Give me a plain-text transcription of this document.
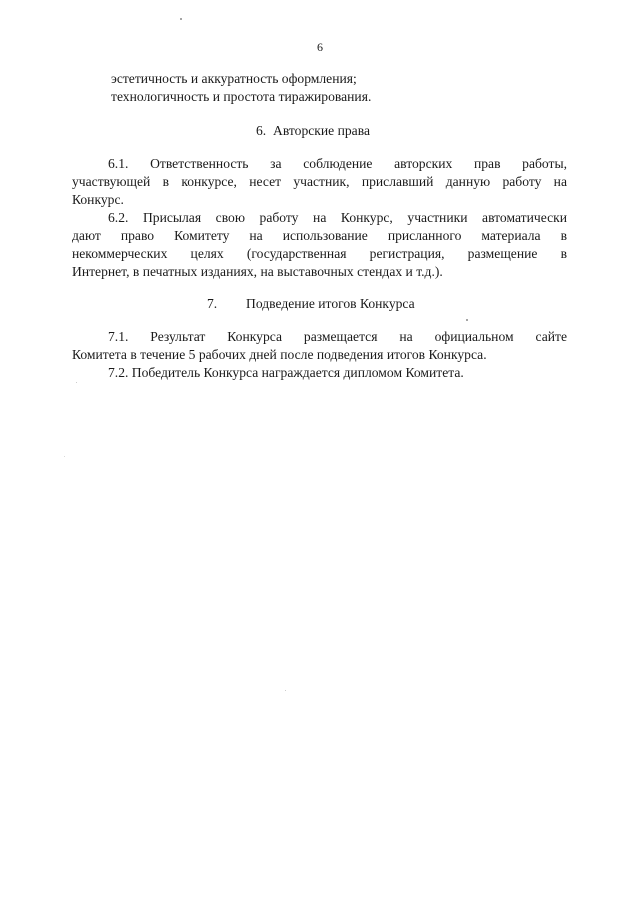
6
эстетичность и аккуратность оформления;
технологичность и простота тиражирования.
6. Авторские права
6.1. Ответственность за соблюдение авторских прав работы,
участвующей в конкурсе, несет участник, приславший данную работу на
Конкурс.
6.2. Присылая свою работу на Конкурс, участники автоматически
дают право Комитету на использование присланного материала в
некоммерческих целях (государственная регистрация, размещение в
Интернет, в печатных изданиях, на выставочных стендах и т.д.).
7. Подведение итогов Конкурса
7.1. Результат Конкурса размещается на официальном сайте
Комитета в течение 5 рабочих дней после подведения итогов Конкурса.
7.2. Победитель Конкурса награждается дипломом Комитета.
